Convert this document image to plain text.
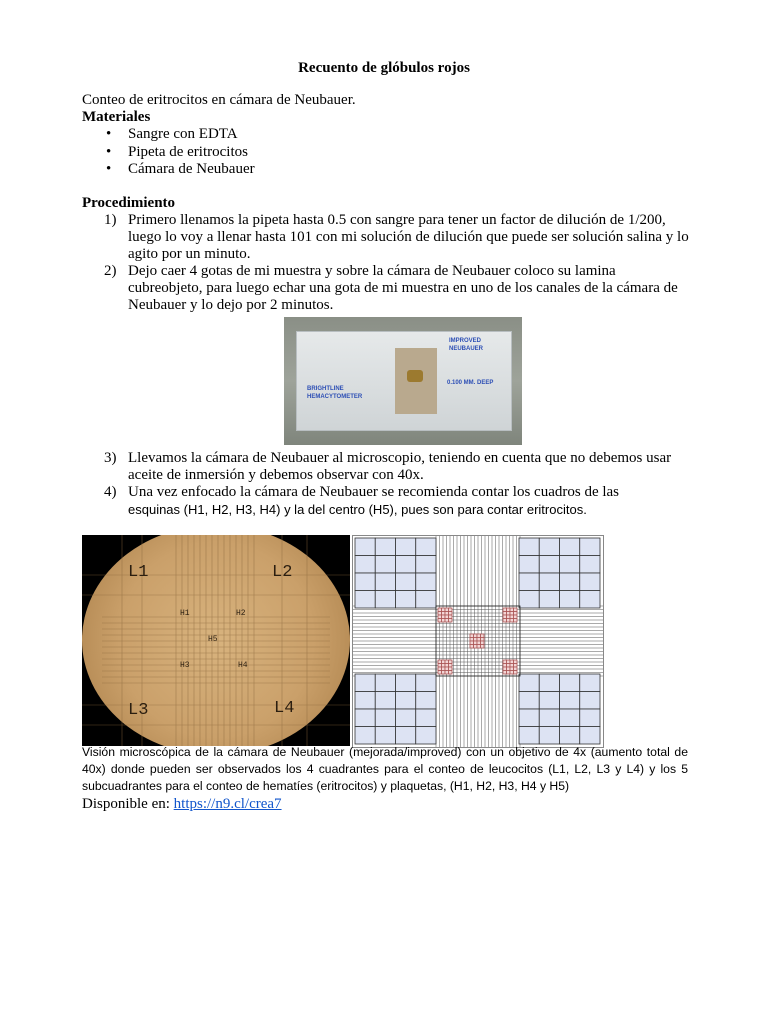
Recuento de glóbulos rojos
Conteo de eritrocitos en cámara de Neubauer.
Materiales
• Sangre con EDTA
• Pipeta de eritrocitos
• Cámara de Neubauer
Procedimiento
1) Primero llenamos la pipeta hasta 0.5 con sangre para tener un factor de dilución de 1/200, luego lo voy a llenar hasta 101 con mi solución de dilución que puede ser solución salina y lo agito por un minuto.
2) Dejo caer 4 gotas de mi muestra y sobre la cámara de Neubauer coloco su lamina cubreobjeto, para luego echar una gota de mi muestra en uno de los canales de la cámara de Neubauer y lo dejo por 2 minutos.
BRIGHTLINE
HEMACYTOMETER
IMPROVED
NEUBAUER
0.100 MM. DEEP
3) Llevamos la cámara de Neubauer al microscopio, teniendo en cuenta que no debemos usar aceite de inmersión y debemos observar con 40x.
4) Una vez enfocado la cámara de Neubauer se recomienda contar los cuadros de las
esquinas (H1, H2, H3, H4) y la del centro (H5), pues son para contar eritrocitos.
L1	L2
L3	L4
H1	H2
H5
H3	H4
Visión microscópica de la cámara de Neubauer (mejorada/improved) con un objetivo de 4x (aumento total de 40x) donde pueden ser observados los 4 cuadrantes para el conteo de leucocitos (L1, L2, L3 y L4) y los 5 subcuadrantes para el conteo de hematíes (eritrocitos) y plaquetas, (H1, H2, H3, H4 y H5)
Disponible en: https://n9.cl/crea7
